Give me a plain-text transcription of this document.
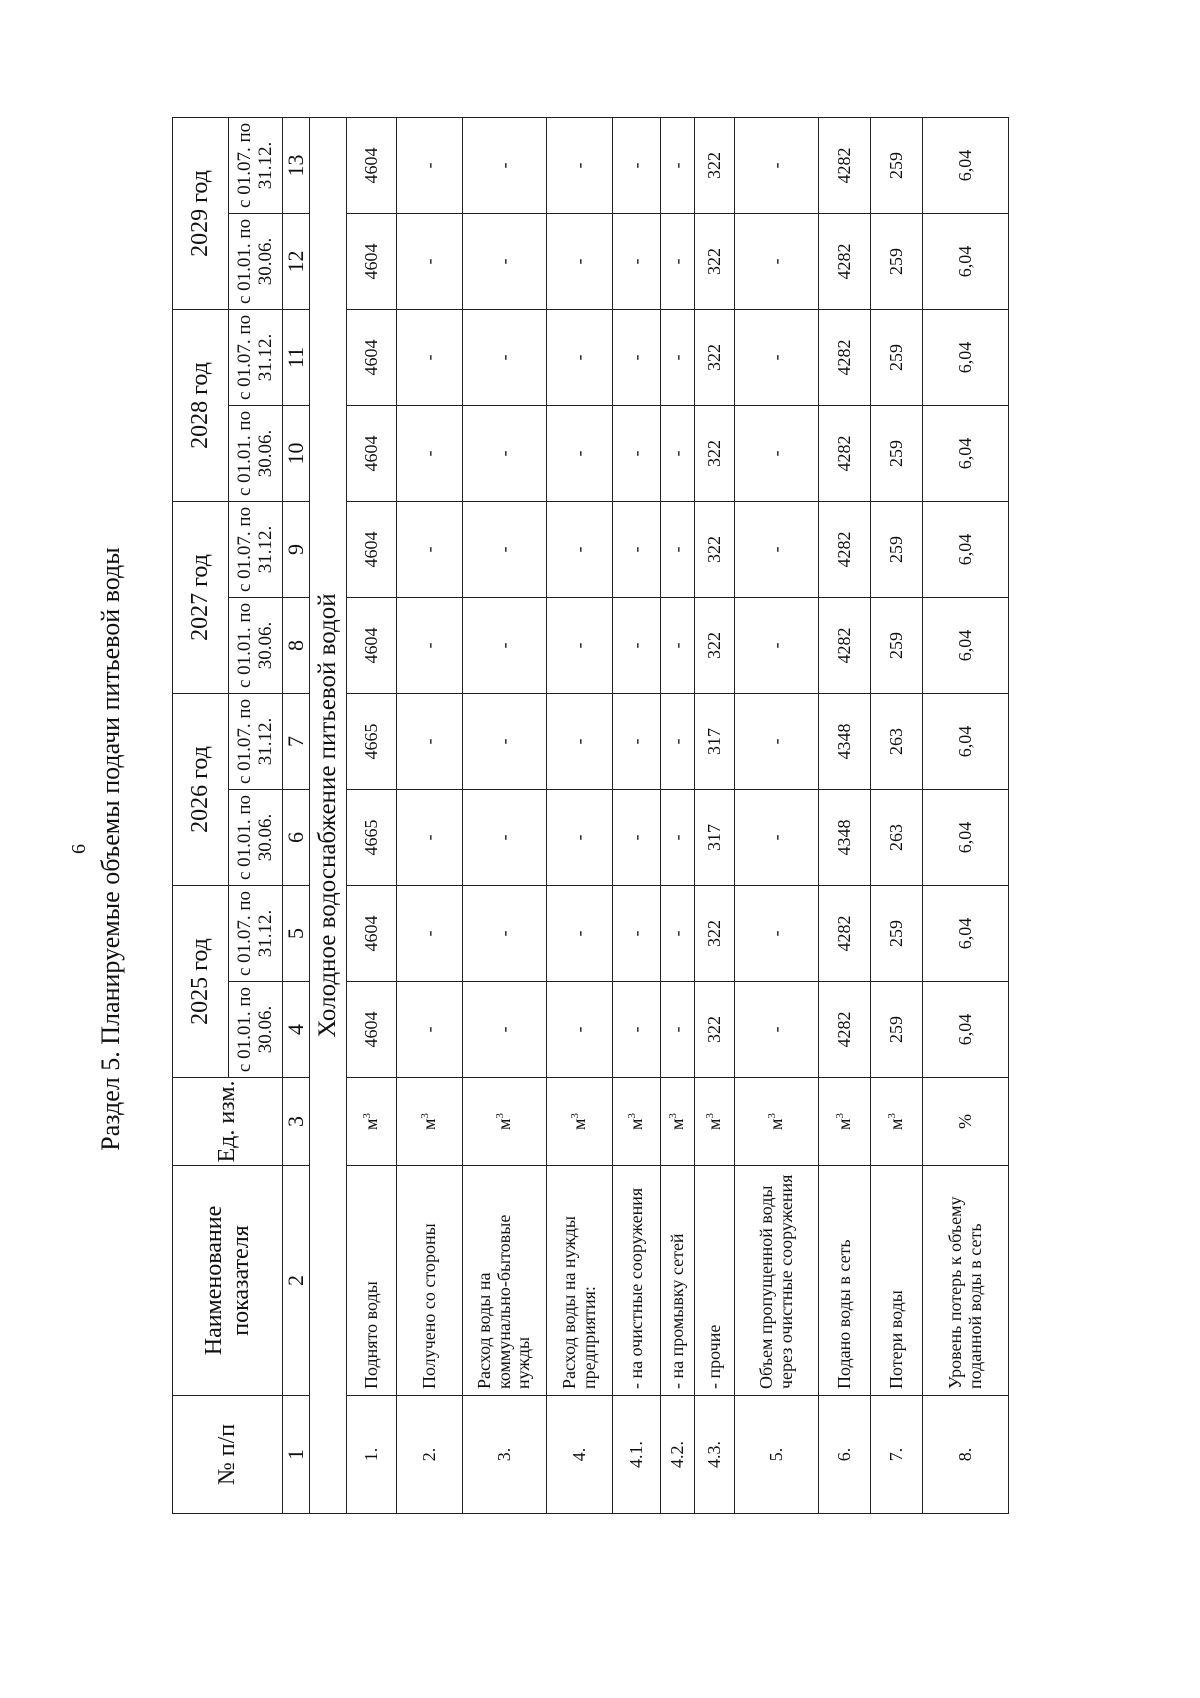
6 Раздел 5. Планируемые объемы подачи питьевой воды
№ п/п	Наименование показателя	Ед. изм.	2025 год		2026 год		2027 год		2028 год		2029 год	
			с 01.01. по 30.06.	с 01.07. по 31.12.	с 01.01. по 30.06.	с 01.07. по 31.12.	с 01.01. по 30.06.	с 01.07. по 31.12.	с 01.01. по 30.06.	с 01.07. по 31.12.	с 01.01. по 30.06.	с 01.07. по 31.12.
1	2	3	4	5	6	7	8	9	10	11	12	13
Холодное водоснабжение питьевой водой												
1.	Поднято воды	$м^3$	4604	4604	4665	4665	4604	4604	4604	4604	4604	4604
2.	Получено со стороны	$м^3$	-	-	-	-	-	-	-	-	-	-
3.	Расход воды на коммунально-бытовые нужды	$м^3$	-	-	-	-	-	-	-	-	-	-
4.	Расход воды на нужды предприятия:	$м^3$	-	-	-	-	-	-	-	-	-	-
4.1.	- на очистные сооружения	$м^3$	-	-	-	-	-	-	-	-	-	-
4.2.	- на промывку сетей	$м^3$	-	-	-	-	-	-	-	-	-	-
4.3.	- прочие	$м^3$	322	322	317	317	322	322	322	322	322	322
5.	Объем пропущенной воды через очистные сооружения	$м^3$	-	-	-	-	-	-	-	-	-	-
6.	Подано воды в сеть	$м^3$	4282	4282	4348	4348	4282	4282	4282	4282	4282	4282
7.	Потери воды	$м^3$	259	259	263	263	259	259	259	259	259	259
8.	Уровень потерь к объему поданной воды в сеть	%	6,04	6,04	6,04	6,04	6,04	6,04	6,04	6,04	6,04	6,04
